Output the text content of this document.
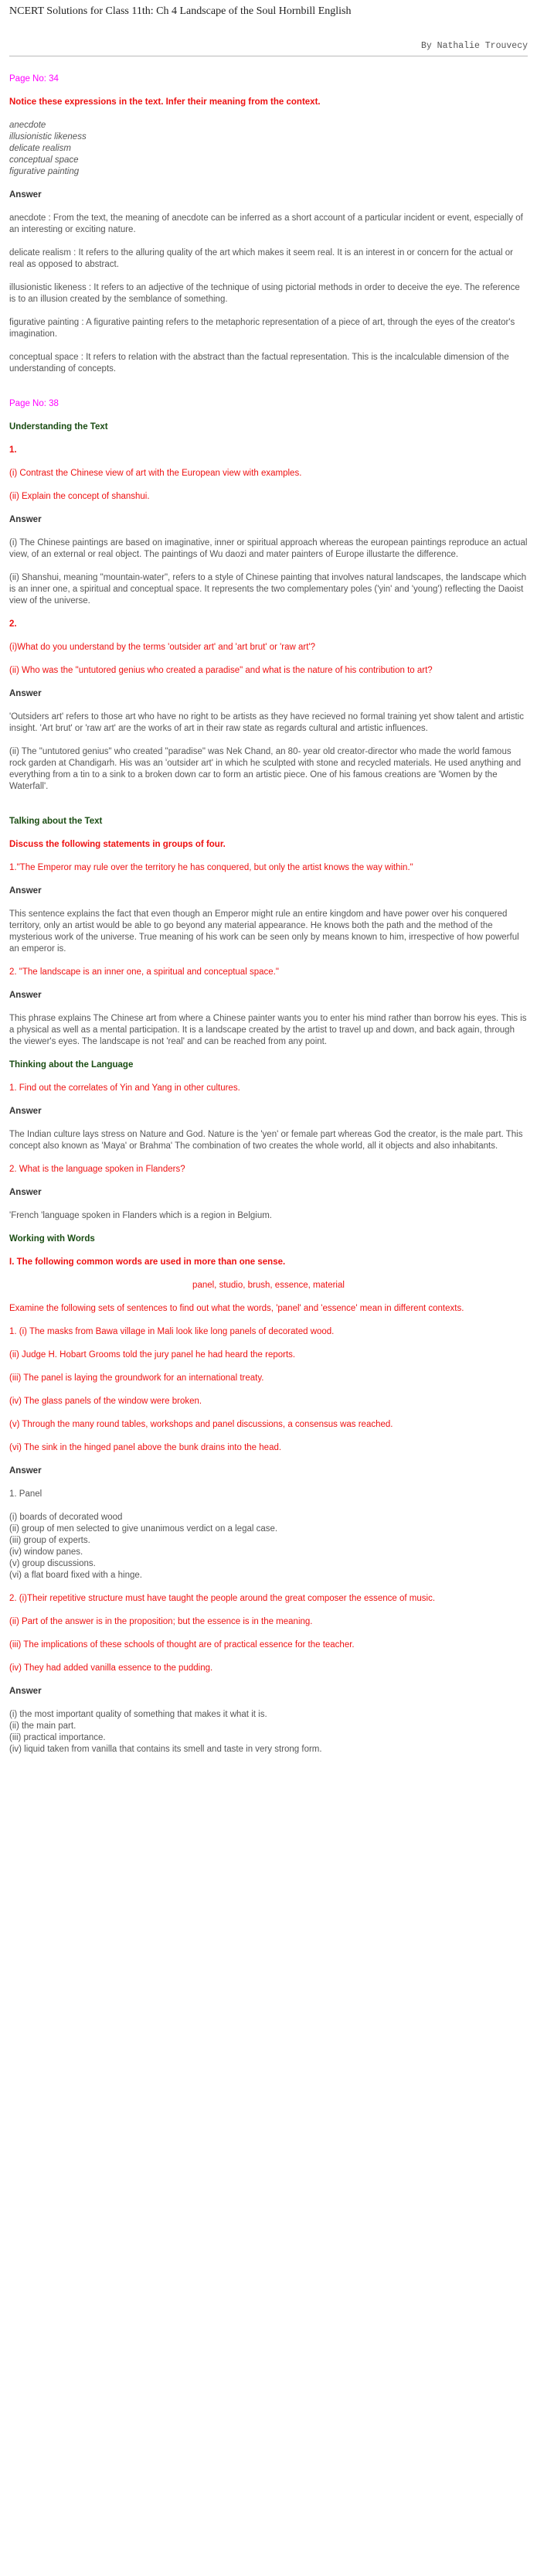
NCERT Solutions for Class 11th: Ch 4 Landscape of the Soul Hornbill English
By Nathalie Trouvecy

Page No: 34

Notice these expressions in the text. Infer their meaning from the context.

anecdote

illusionistic likeness

delicate realism

conceptual space

figurative painting

Answer

anecdote : From the text, the meaning of anecdote can be inferred as a short account of a particular incident or event, especially of an interesting or exciting nature.

delicate realism : It refers to the alluring quality of the art which makes it seem real. It is an interest in or concern for the actual or real as opposed to abstract.

illusionistic likeness : It refers to an adjective of the technique of using pictorial methods in order to deceive the eye. The reference is to an illusion created by the semblance of something.

figurative painting : A figurative painting refers to the metaphoric representation of a piece of art, through the eyes of the creator's imagination.

conceptual space : It refers to relation with the abstract than the factual representation. This is the incalculable dimension of the understanding of concepts.

Page No: 38

Understanding the Text

1.

(i) Contrast the Chinese view of art with the European view with examples.

(ii) Explain the concept of shanshui.

Answer

(i) The Chinese paintings are based on imaginative, inner or spiritual approach whereas the european paintings reproduce an actual view, of an external or real object. The paintings of Wu daozi and mater painters of Europe illustarte the difference.

(ii) Shanshui, meaning "mountain-water", refers to a style of Chinese painting that involves natural landscapes, the landscape which is an inner one, a spiritual and conceptual space. It represents the two complementary poles ('yin' and 'young') reflecting the Daoist view of the universe.

2.

(i)What do you understand by the terms 'outsider art' and 'art brut' or 'raw art'?

(ii) Who was the "untutored genius who created a paradise" and what is the nature of his contribution to art?

Answer

'Outsiders art' refers to those art who have no right to be artists as they have recieved no formal training yet show talent and artistic insight. 'Art brut' or 'raw art' are the works of art in their raw state as regards cultural and artistic influences.

(ii) The "untutored genius" who created "paradise" was Nek Chand, an 80- year old creator-director who made the world famous rock garden at Chandigarh. His was an 'outsider art' in which he sculpted with stone and recycled materials. He used anything and everything from a tin to a sink to a broken down car to form an artistic piece. One of his famous creations are 'Women by the Waterfall'.

Talking about the Text

Discuss the following statements in groups of four.

1."The Emperor may rule over the territory he has conquered, but only the artist knows the way within."

Answer

This sentence explains the fact that even though an Emperor might rule an entire kingdom and have power over his conquered territory, only an artist would be able to go beyond any material appearance. He knows both the path and the method of the mysterious work of the universe. True meaning of his work can be seen only by means known to him, irrespective of how powerful an emperor is.

2. "The landscape is an inner one, a spiritual and conceptual space."

Answer

This phrase explains The Chinese art from where a Chinese painter wants you to enter his mind rather than borrow his eyes. This is a physical as well as a mental participation. It is a landscape created by the artist to travel up and down, and back again, through the viewer's eyes. The landscape is not 'real' and can be reached from any point.

Thinking about the Language

1. Find out the correlates of Yin and Yang in other cultures.

Answer

The Indian culture lays stress on Nature and God. Nature is the 'yen' or female part whereas God the creator, is the male part. This concept also known as 'Maya' or Brahma' The combination of two creates the whole world, all it objects and also inhabitants.

2. What is the language spoken in Flanders?

Answer

'French 'language spoken in Flanders which is a region in Belgium.

Working with Words

I. The following common words are used in more than one sense.

panel, studio, brush, essence, material

Examine the following sets of sentences to find out what the words, 'panel' and 'essence' mean in different contexts.

1. (i) The masks from Bawa village in Mali look like long panels of decorated wood.

(ii) Judge H. Hobart Grooms told the jury panel he had heard the reports.

(iii) The panel is laying the groundwork for an international treaty.

(iv) The glass panels of the window were broken.

(v) Through the many round tables, workshops and panel discussions, a consensus was reached.

(vi) The sink in the hinged panel above the bunk drains into the head.

Answer

1. Panel

(i) boards of decorated wood

(ii) group of men selected to give unanimous verdict on a legal case.

(iii) group of experts.

(iv) window panes.

(v) group discussions.

(vi) a flat board fixed with a hinge.

2. (i)Their repetitive structure must have taught the people around the great composer the essence of music.

(ii) Part of the answer is in the proposition; but the essence is in the meaning.

(iii) The implications of these schools of thought are of practical essence for the teacher.

(iv) They had added vanilla essence to the pudding.

Answer

(i) the most important quality of something that makes it what it is.

(ii) the main part.

(iii) practical importance.

(iv) liquid taken from vanilla that contains its smell and taste in very strong form.
